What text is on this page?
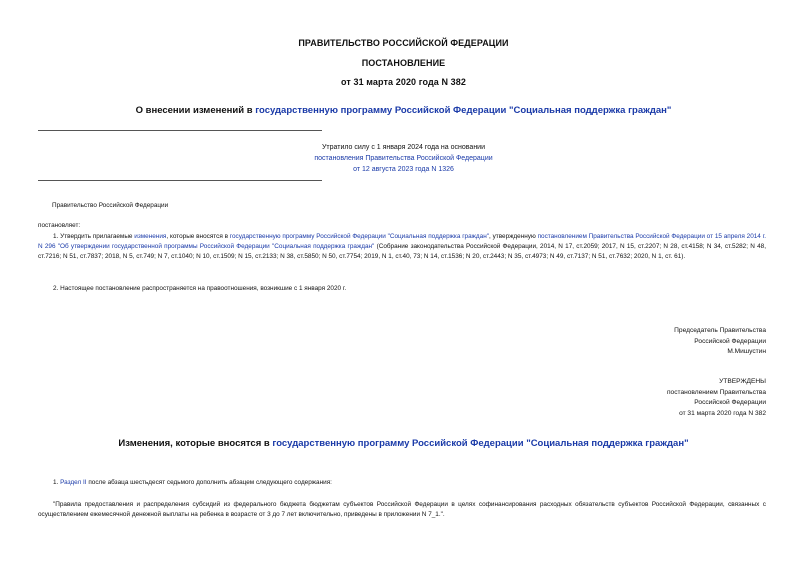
ПРАВИТЕЛЬСТВО РОССИЙСКОЙ ФЕДЕРАЦИИ
ПОСТАНОВЛЕНИЕ
от 31 марта 2020 года N 382
О внесении изменений в государственную программу Российской Федерации "Социальная поддержка граждан"
Утратило силу с 1 января 2024 года на основании
постановления Правительства Российской Федерации
от 12 августа 2023 года N 1326
Правительство Российской Федерации
постановляет:
1. Утвердить прилагаемые изменения, которые вносятся в государственную программу Российской Федерации "Социальная поддержка граждан", утвержденную постановлением Правительства Российской Федерации от 15 апреля 2014 г. N 296 "Об утверждении государственной программы Российской Федерации "Социальная поддержка граждан" (Собрание законодательства Российской Федерации, 2014, N 17, ст.2059; 2017, N 15, ст.2207; N 28, ст.4158; N 34, ст.5282; N 48, ст.7216; N 51, ст.7837; 2018, N 5, ст.749; N 7, ст.1040; N 10, ст.1509; N 15, ст.2133; N 38, ст.5850; N 50, ст.7754; 2019, N 1, ст.40, 73; N 14, ст.1536; N 20, ст.2443; N 35, ст.4973; N 49, ст.7137; N 51, ст.7632; 2020, N 1, ст. 61).
2. Настоящее постановление распространяется на правоотношения, возникшие с 1 января 2020 г.
Председатель Правительства
Российской Федерации
М.Мишустин
УТВЕРЖДЕНЫ
постановлением Правительства
Российской Федерации
от 31 марта 2020 года N 382
Изменения, которые вносятся в государственную программу Российской Федерации "Социальная поддержка граждан"
1. Раздел II после абзаца шестьдесят седьмого дополнить абзацем следующего содержания:
"Правила предоставления и распределения субсидий из федерального бюджета бюджетам субъектов Российской Федерации в целях софинансирования расходных обязательств субъектов Российской Федерации, связанных с осуществлением ежемесячной денежной выплаты на ребенка в возрасте от 3 до 7 лет включительно, приведены в приложении N 7_1.".
